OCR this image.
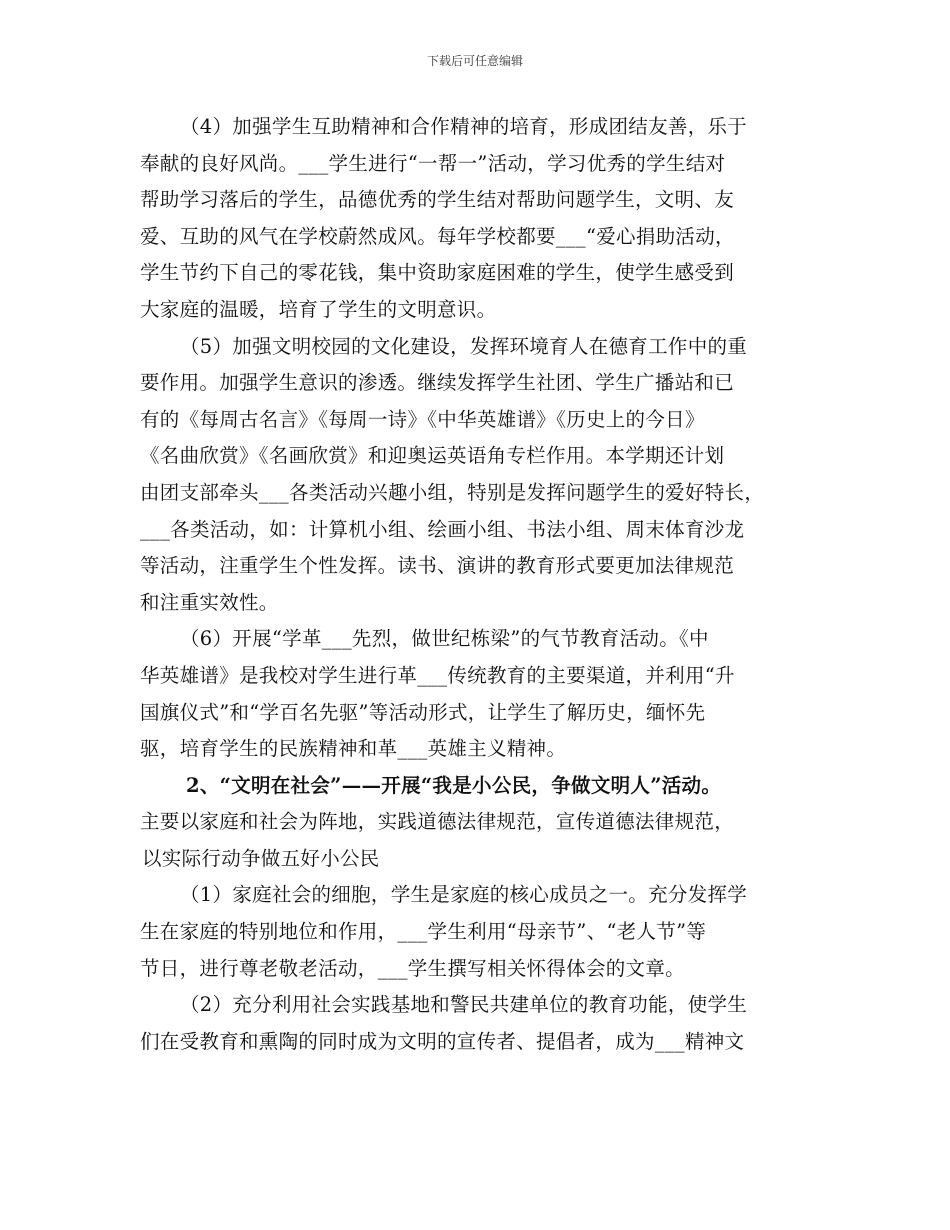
下载后可任意编辑
（4）加强学生互助精神和合作精神的培育，形成团结友善，乐于
奉献的良好风尚。___学生进行“一帮一”活动，学习优秀的学生结对
帮助学习落后的学生，品德优秀的学生结对帮助问题学生，文明、友
爱、互助的风气在学校蔚然成风。每年学校都要___“爱心捐助活动，
学生节约下自己的零花钱，集中资助家庭困难的学生，使学生感受到
大家庭的温暖，培育了学生的文明意识。
（5）加强文明校园的文化建设，发挥环境育人在德育工作中的重
要作用。加强学生意识的渗透。继续发挥学生社团、学生广播站和已
有的《每周古名言》《每周一诗》《中华英雄谱》《历史上的今日》
《名曲欣赏》《名画欣赏》和迎奥运英语角专栏作用。本学期还计划
由团支部牵头___各类活动兴趣小组，特别是发挥问题学生的爱好特长，
___各类活动，如：计算机小组、绘画小组、书法小组、周末体育沙龙
等活动，注重学生个性发挥。读书、演讲的教育形式要更加法律规范
和注重实效性。
（6）开展“学革___先烈，做世纪栋梁”的气节教育活动。《中
华英雄谱》是我校对学生进行革___传统教育的主要渠道，并利用“升
国旗仪式”和“学百名先驱”等活动形式，让学生了解历史，缅怀先
驱，培育学生的民族精神和革___英雄主义精神。
2、“文明在社会”——开展“我是小公民，争做文明人”活动。
主要以家庭和社会为阵地，实践道德法律规范，宣传道德法律规范，
以实际行动争做五好小公民
（1）家庭社会的细胞，学生是家庭的核心成员之一。充分发挥学
生在家庭的特别地位和作用，___学生利用“母亲节”、“老人节”等
节日，进行尊老敬老活动，___学生撰写相关怀得体会的文章。
（2）充分利用社会实践基地和警民共建单位的教育功能，使学生
们在受教育和熏陶的同时成为文明的宣传者、提倡者，成为___精神文
